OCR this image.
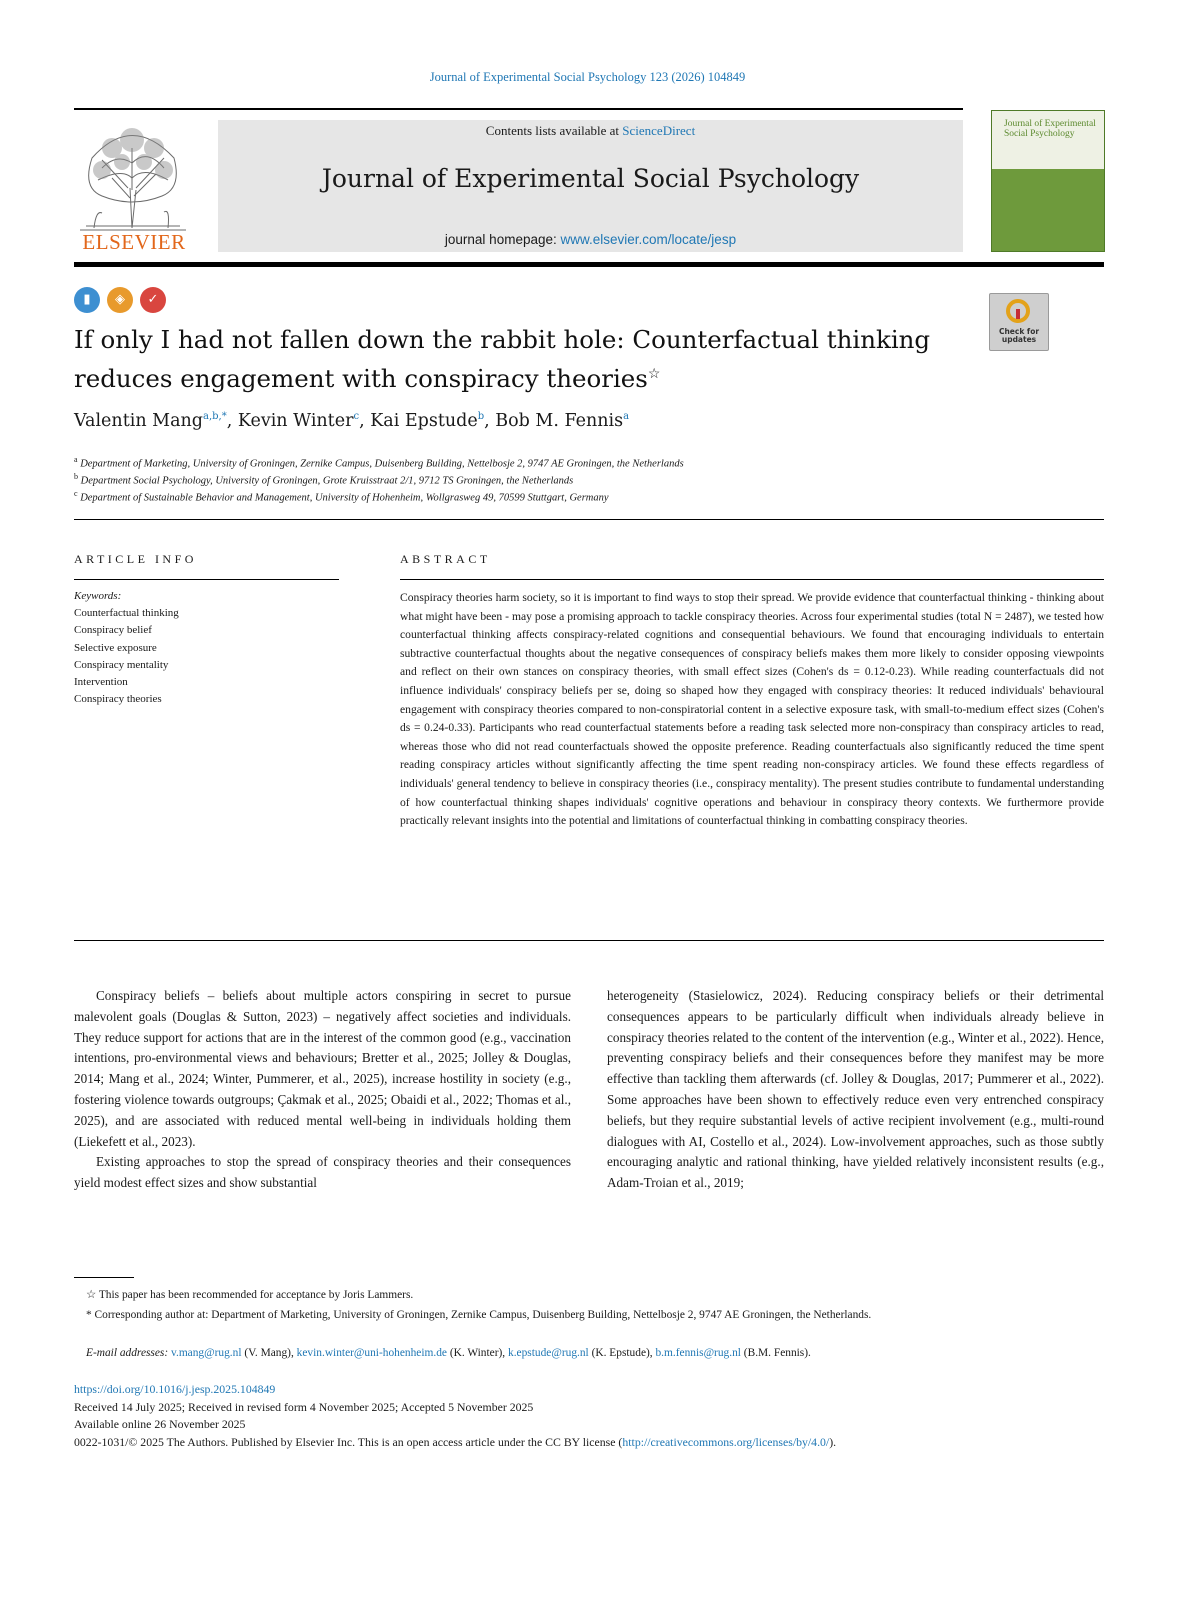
Journal of Experimental Social Psychology 123 (2026) 104849
ELSEVIER
Contents lists available at ScienceDirect
Journal of Experimental Social Psychology
journal homepage: www.elsevier.com/locate/jesp
Journal of Experimental Social Psychology
▮	◈	✓
Check for updates
If only I had not fallen down the rabbit hole: Counterfactual thinking reduces engagement with conspiracy theories☆
Valentin Mang$^{a,b,*}$, Kevin Winter$^c$, Kai Epstude$^b$, Bob M. Fennis$^a$
$^a$ Department of Marketing, University of Groningen, Zernike Campus, Duisenberg Building, Nettelbosje 2, 9747 AE Groningen, the Netherlands
$^b$ Department Social Psychology, University of Groningen, Grote Kruisstraat 2/1, 9712 TS Groningen, the Netherlands
$^c$ Department of Sustainable Behavior and Management, University of Hohenheim, Wollgrasweg 49, 70599 Stuttgart, Germany
ARTICLE INFO
Keywords:
Counterfactual thinking
Conspiracy belief
Selective exposure
Conspiracy mentality
Intervention
Conspiracy theories
ABSTRACT

Conspiracy theories harm society, so it is important to find ways to stop their spread. We provide evidence that counterfactual thinking - thinking about what might have been - may pose a promising approach to tackle conspiracy theories. Across four experimental studies (total N = 2487), we tested how counterfactual thinking affects conspiracy-related cognitions and consequential behaviours. We found that encouraging individuals to entertain subtractive counterfactual thoughts about the negative consequences of conspiracy beliefs makes them more likely to consider opposing viewpoints and reflect on their own stances on conspiracy theories, with small effect sizes (Cohen's ds = 0.12-0.23). While reading counterfactuals did not influence individuals' conspiracy beliefs per se, doing so shaped how they engaged with conspiracy theories: It reduced individuals' behavioural engagement with conspiracy theories compared to non-conspiratorial content in a selective exposure task, with small-to-medium effect sizes (Cohen's ds = 0.24-0.33). Participants who read counterfactual statements before a reading task selected more non-conspiracy than conspiracy articles to read, whereas those who did not read counterfactuals showed the opposite preference. Reading counterfactuals also significantly reduced the time spent reading conspiracy articles without significantly affecting the time spent reading non-conspiracy articles. We found these effects regardless of individuals' general tendency to believe in conspiracy theories (i.e., conspiracy mentality). The present studies contribute to fundamental understanding of how counterfactual thinking shapes individuals' cognitive operations and behaviour in conspiracy theory contexts. We furthermore provide practically relevant insights into the potential and limitations of counterfactual thinking in combatting conspiracy theories.

Conspiracy beliefs – beliefs about multiple actors conspiring in secret to pursue malevolent goals (Douglas & Sutton, 2023) – negatively affect societies and individuals. They reduce support for actions that are in the interest of the common good (e.g., vaccination intentions, pro-environmental views and behaviours; Bretter et al., 2025; Jolley & Douglas, 2014; Mang et al., 2024; Winter, Pummerer, et al., 2025), increase hostility in society (e.g., fostering violence towards outgroups; Çakmak et al., 2025; Obaidi et al., 2022; Thomas et al., 2025), and are associated with reduced mental well-being in individuals holding them (Liekefett et al., 2023).

Existing approaches to stop the spread of conspiracy theories and their consequences yield modest effect sizes and show substantial

heterogeneity (Stasielowicz, 2024). Reducing conspiracy beliefs or their detrimental consequences appears to be particularly difficult when individuals already believe in conspiracy theories related to the content of the intervention (e.g., Winter et al., 2022). Hence, preventing conspiracy beliefs and their consequences before they manifest may be more effective than tackling them afterwards (cf. Jolley & Douglas, 2017; Pummerer et al., 2022). Some approaches have been shown to effectively reduce even very entrenched conspiracy beliefs, but they require substantial levels of active recipient involvement (e.g., multi-round dialogues with AI, Costello et al., 2024). Low-involvement approaches, such as those subtly encouraging analytic and rational thinking, have yielded relatively inconsistent results (e.g., Adam-Troian et al., 2019;

☆ This paper has been recommended for acceptance by Joris Lammers.
* Corresponding author at: Department of Marketing, University of Groningen, Zernike Campus, Duisenberg Building, Nettelbosje 2, 9747 AE Groningen, the Netherlands.
E-mail addresses: v.mang@rug.nl (V. Mang), kevin.winter@uni-hohenheim.de (K. Winter), k.epstude@rug.nl (K. Epstude), b.m.fennis@rug.nl (B.M. Fennis).
https://doi.org/10.1016/j.jesp.2025.104849
Received 14 July 2025; Received in revised form 4 November 2025; Accepted 5 November 2025
Available online 26 November 2025
0022-1031/© 2025 The Authors. Published by Elsevier Inc. This is an open access article under the CC BY license (http://creativecommons.org/licenses/by/4.0/).
